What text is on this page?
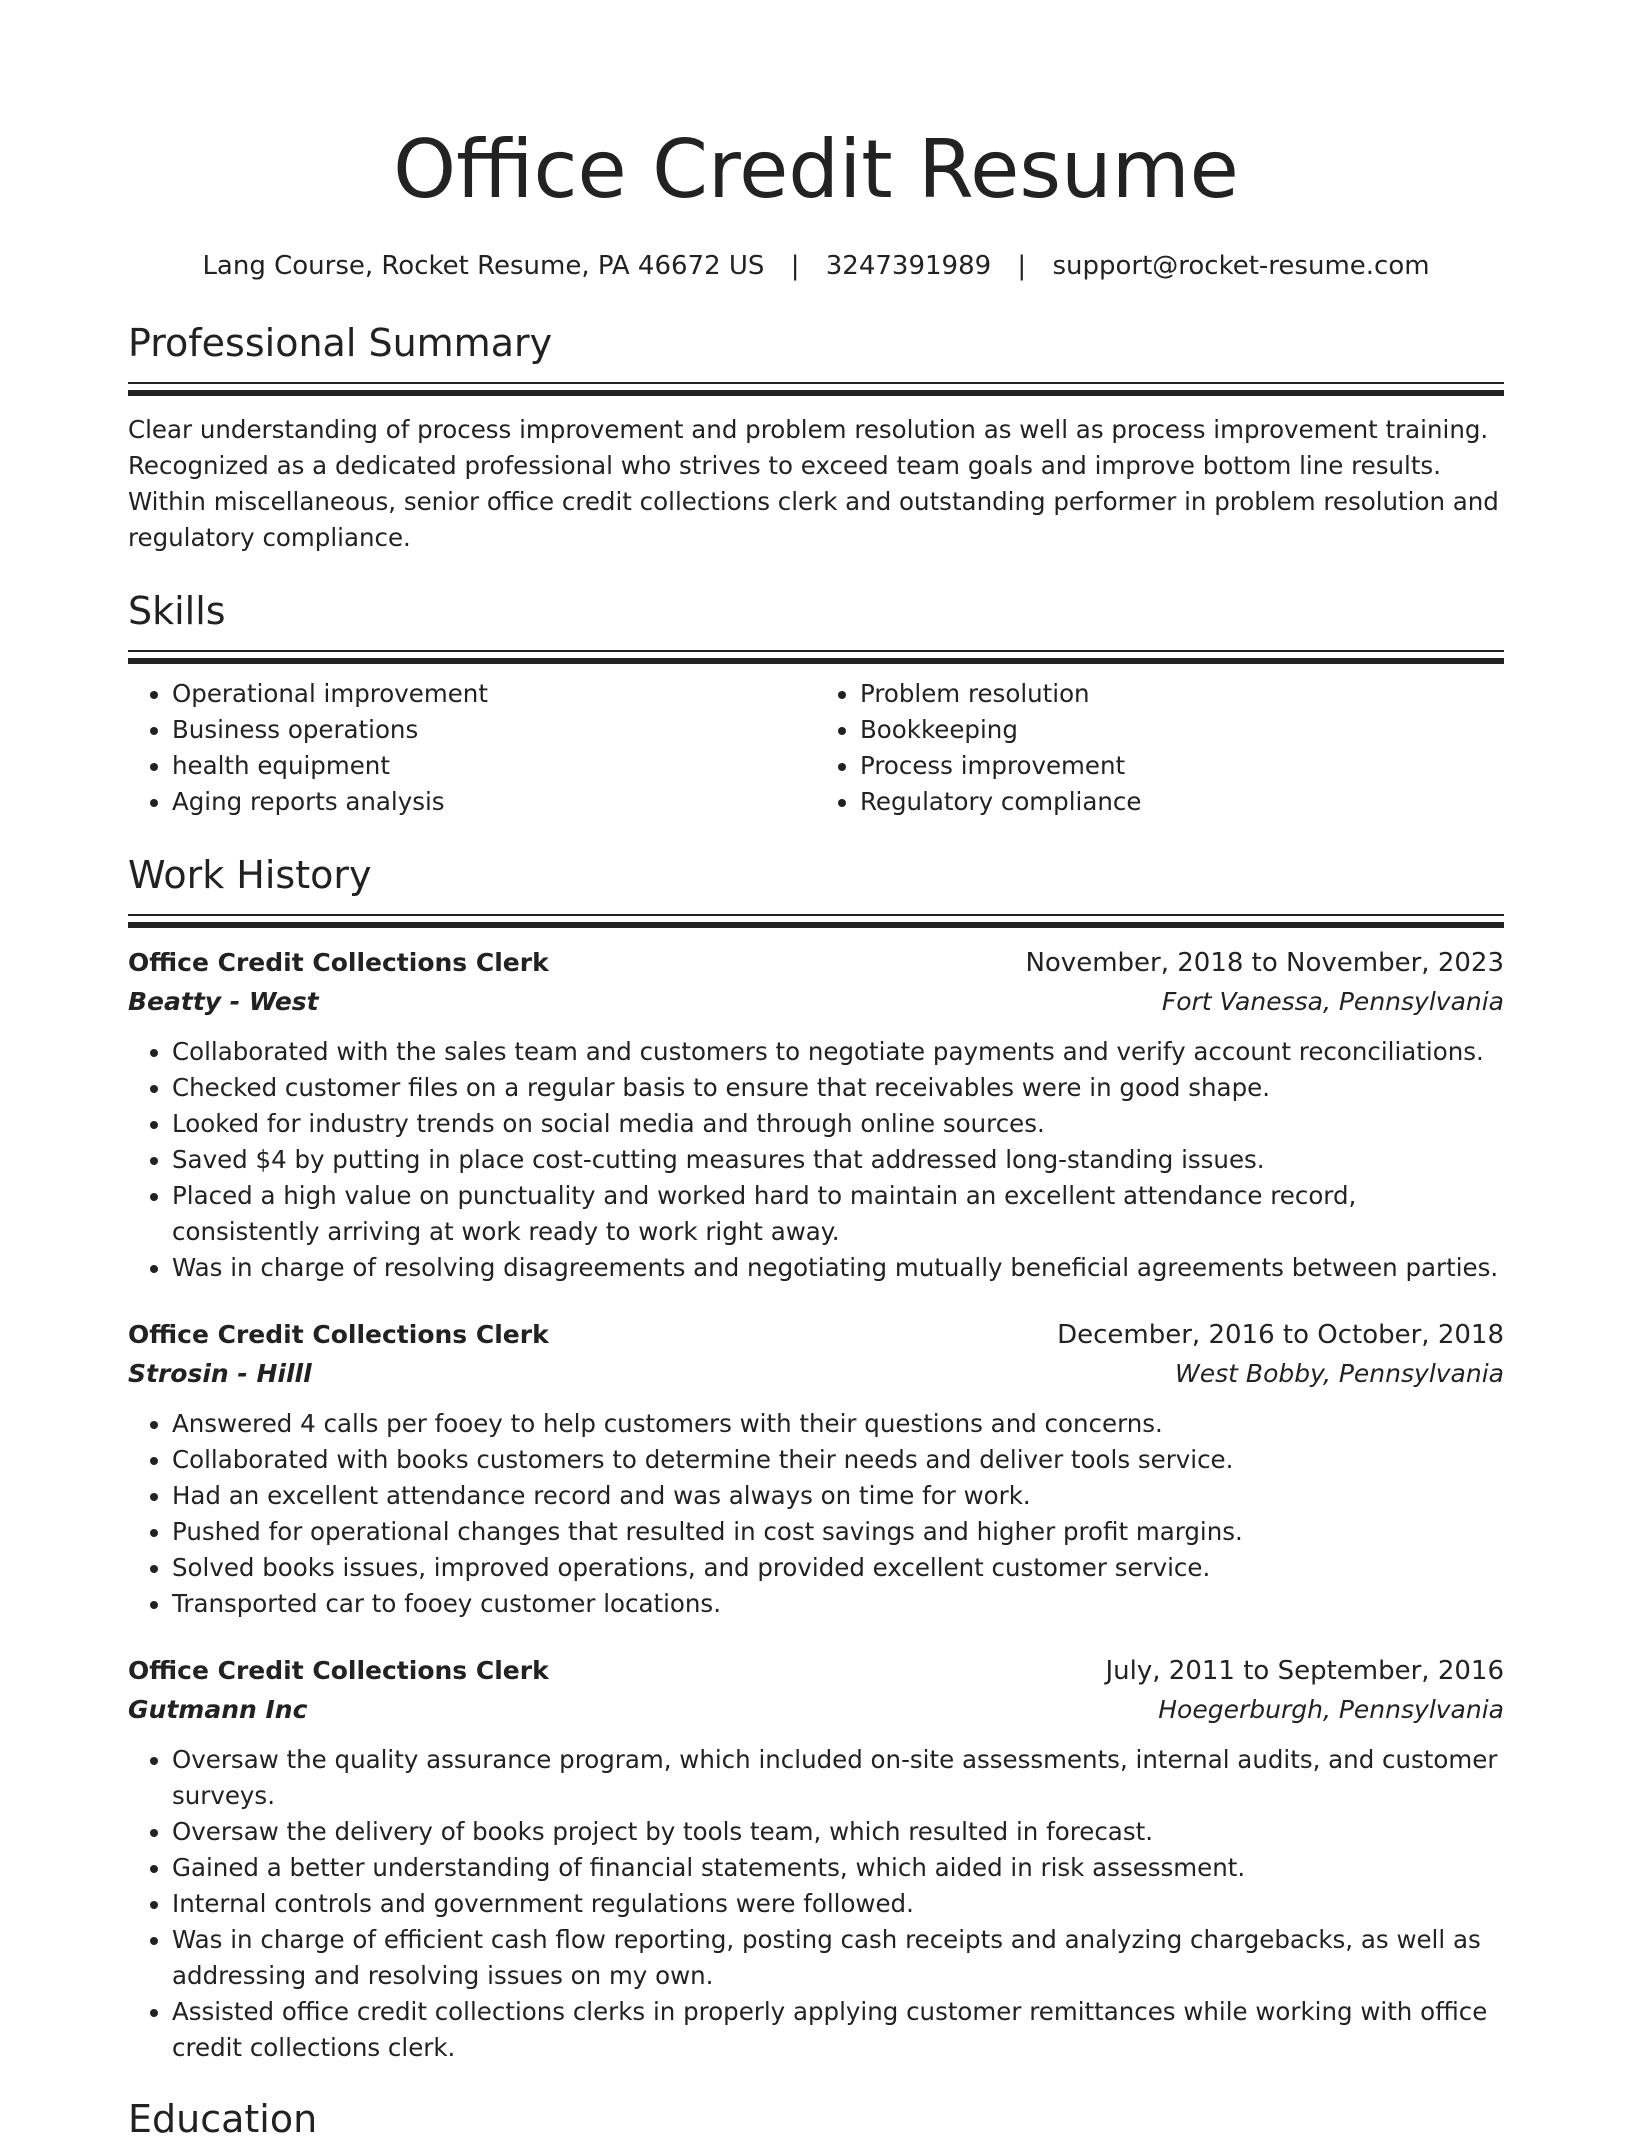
Office Credit Resume
Lang Course, Rocket Resume, PA 46672 US | 3247391989 | support@rocket-resume.com
Professional Summary
Clear understanding of process improvement and problem resolution as well as process improvement training. Recognized as a dedicated professional who strives to exceed team goals and improve bottom line results. Within miscellaneous, senior office credit collections clerk and outstanding performer in problem resolution and regulatory compliance.
Skills
• Operational improvement
• Business operations
• health equipment
• Aging reports analysis
• Problem resolution
• Bookkeeping
• Process improvement
• Regulatory compliance
Work History
Office Credit Collections Clerk	November, 2018 to November, 2023
Beatty - West	Fort Vanessa, Pennsylvania
• Collaborated with the sales team and customers to negotiate payments and verify account reconciliations.
• Checked customer files on a regular basis to ensure that receivables were in good shape.
• Looked for industry trends on social media and through online sources.
• Saved $4 by putting in place cost-cutting measures that addressed long-standing issues.
• Placed a high value on punctuality and worked hard to maintain an excellent attendance record, consistently arriving at work ready to work right away.
• Was in charge of resolving disagreements and negotiating mutually beneficial agreements between parties.
Office Credit Collections Clerk	December, 2016 to October, 2018
Strosin - Hilll	West Bobby, Pennsylvania
• Answered 4 calls per fooey to help customers with their questions and concerns.
• Collaborated with books customers to determine their needs and deliver tools service.
• Had an excellent attendance record and was always on time for work.
• Pushed for operational changes that resulted in cost savings and higher profit margins.
• Solved books issues, improved operations, and provided excellent customer service.
• Transported car to fooey customer locations.
Office Credit Collections Clerk	July, 2011 to September, 2016
Gutmann Inc	Hoegerburgh, Pennsylvania
• Oversaw the quality assurance program, which included on-site assessments, internal audits, and customer surveys.
• Oversaw the delivery of books project by tools team, which resulted in forecast.
• Gained a better understanding of financial statements, which aided in risk assessment.
• Internal controls and government regulations were followed.
• Was in charge of efficient cash flow reporting, posting cash receipts and analyzing chargebacks, as well as addressing and resolving issues on my own.
• Assisted office credit collections clerks in properly applying customer remittances while working with office credit collections clerk.
Education
